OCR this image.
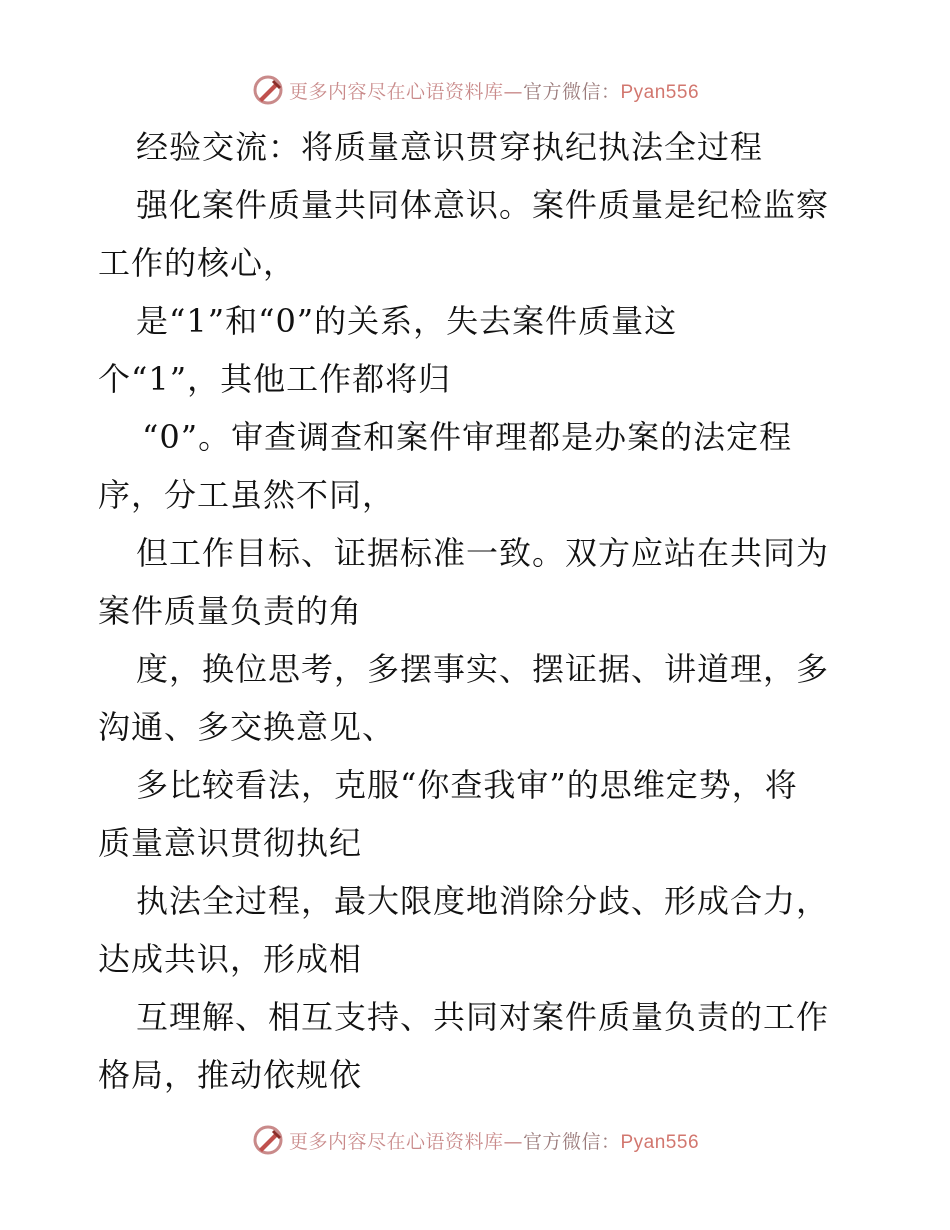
更多内容尽在心语资料库—官方微信：Pyan556
经验交流：将质量意识贯穿执纪执法全过程
强化案件质量共同体意识。案件质量是纪检监察
工作的核心，
是“1”和“0”的关系，失去案件质量这
个“1”，其他工作都将归
“0”。审查调查和案件审理都是办案的法定程
序，分工虽然不同，
但工作目标、证据标准一致。双方应站在共同为
案件质量负责的角
度，换位思考，多摆事实、摆证据、讲道理，多
沟通、多交换意见、
多比较看法，克服“你查我审”的思维定势，将
质量意识贯彻执纪
执法全过程，最大限度地消除分歧、形成合力，
达成共识，形成相
互理解、相互支持、共同对案件质量负责的工作
格局，推动依规依
更多内容尽在心语资料库—官方微信：Pyan556
